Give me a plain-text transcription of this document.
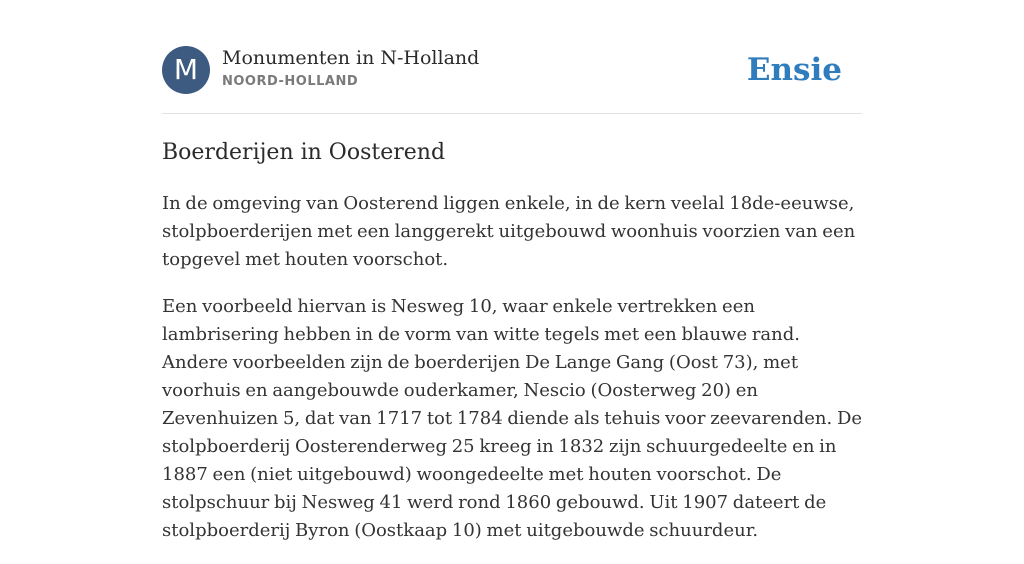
M	Monumenten in N-Holland
NOORD-HOLLAND	Ensie
Boerderijen in Oosterend

In de omgeving van Oosterend liggen enkele, in de kern veelal 18de-eeuwse, stolpboerderijen met een langgerekt uitgebouwd woonhuis voorzien van een topgevel met houten voorschot.

Een voorbeeld hiervan is Nesweg 10, waar enkele vertrekken een lambrisering hebben in de vorm van witte tegels met een blauwe rand. Andere voorbeelden zijn de boerderijen De Lange Gang (Oost 73), met voorhuis en aangebouwde ouderkamer, Nescio (Oosterweg 20) en Zevenhuizen 5, dat van 1717 tot 1784 diende als tehuis voor zeevarenden. De stolpboerderij Oosterenderweg 25 kreeg in 1832 zijn schuurgedeelte en in 1887 een (niet uitgebouwd) woongedeelte met houten voorschot. De stolpschuur bij Nesweg 41 werd rond 1860 gebouwd. Uit 1907 dateert de stolpboerderij Byron (Oostkaap 10) met uitgebouwde schuurdeur.
